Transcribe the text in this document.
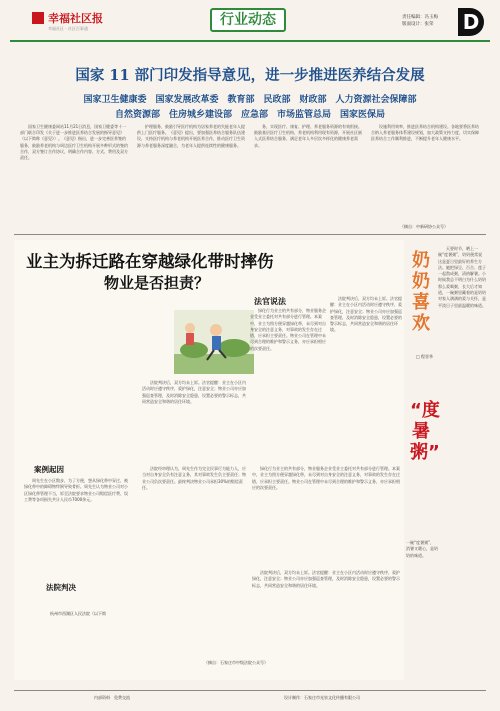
幸福社区报
幸福社区 · 社区百事通
行业动态	责任编辑：冯玉梅
版面设计：张荣 D
国家 11 部门印发指导意见，进一步推进医养结合发展
国家卫生健康委　国家发展改革委　教育部　民政部　财政部　人力资源社会保障部
自然资源部　住房城乡建设部　应急部　市场监管总局　国家医保局
国家卫生健康委网站11月21日消息，国家卫健委等十一部门联合印发《关于进一步推进医养结合发展的指导意见》（以下简称《意见》）。《意见》指出，进一步完善医养签约服务，鼓励养老机构与周边医疗卫生机构开展多种形式的签约合作，双方签订合作协议，明确合作内容、方式、费用及双方责任。
护理服务，鼓励引导医疗机构为居家养老的失能老年人提供上门医疗服务。《意见》提出，要加强医养结合服务队伍建设，支持医疗机构与养老机构开展医养合作，推动医疗卫生资源与养老服务深度融合，为老年人提供连续性的健康服务。
务，实现医疗、康复、护理、养老服务资源的有效衔接。鼓励基层医疗卫生机构、养老机构利用现有资源，开展社区嵌入式医养结合服务，满足老年人多层次多样化的健康养老需求。
设施利用效率，推进医养结合机构建设。各地要将医养结合纳入养老服务体系建设规划，加大政策支持力度，切实保障医养结合工作顺利推进，不断提升老年人健康水平。
（摘自：中新研协公众号）
业主为拆迁路在穿越绿化带时摔伤
物业是否担责？
法官说法
绿化行为业主的共有部分，物业服务企业受业主委托对共有部分进行管理。本案中，业主为图方便穿越绿化带，未尽到对自身安全的注意义务，对事故的发生存在过错，应承担主要责任。物业公司在管理中未尽到合理的维护和警示义务，亦应承担相应的次要责任。
法院判决后，双方均未上诉。法官提醒：业主在小区内活动时应遵守秩序，爱护绿化，注意安全；物业公司亦应加强巡查管理，及时消除安全隐患，设置必要的警示标志，共同营造安全和谐的居住环境。
法院判决后，双方均未上诉。法官提醒：业主在小区内活动时应遵守秩序，爱护绿化，注意安全；物业公司亦应加强巡查管理，及时消除安全隐患，设置必要的警示标志，共同营造安全和谐的居住环境。
案例起因
周先生在小区散步，为了方便，想从绿化带中穿过，被绿化带中的障碍物绊倒导致骨折。周先生认为物业公司对小区绿化带管理不当，诉至法院要求物业公司赔偿医疗费、误工费等各项损失共计人民币7000余元。
法院判决
杭州市西湖区人民法院（以下简
法院经审理认为，周先生作为完全民事行为能力人，应当对自身安全负有注意义务，其对事故发生负主要责任；物业公司负次要责任。最终判决物业公司承担30%的赔偿责任。
绿化行为业主的共有部分，物业服务企业受业主委托对共有部分进行管理。本案中，业主为图方便穿越绿化带，未尽到对自身安全的注意义务，对事故的发生存在过错，应承担主要责任。物业公司在管理中未尽到合理的维护和警示义务，亦应承担相应的次要责任。
法院判决后，双方均未上诉。法官提醒：业主在小区内活动时应遵守秩序，爱护绿化，注意安全；物业公司亦应加强巡查管理，及时消除安全隐患，设置必要的警示标志，共同营造安全和谐的居住环境。
（摘自：石家庄市中级法院公众号）
奶奶喜欢
□ 程晋华
“度暑粥”
天要时节，晒上一碗“度暑粥”，奶奶便常说这是夏日里最好的养生方法。她把绿豆、百合、莲子一起熬成粥，清热解暑。小时候我总不明白为什么奶奶那么爱喝粥，长大后才知道，一碗粥里藏着的是奶奶对家人满满的爱与关怀，是平淡日子里最温暖的味道。
一碗“度暑粥”，消暑又暖心，是奶奶的味道。
内部资料　免费交流	设计制作：石家庄市光泉文化传播有限公司
